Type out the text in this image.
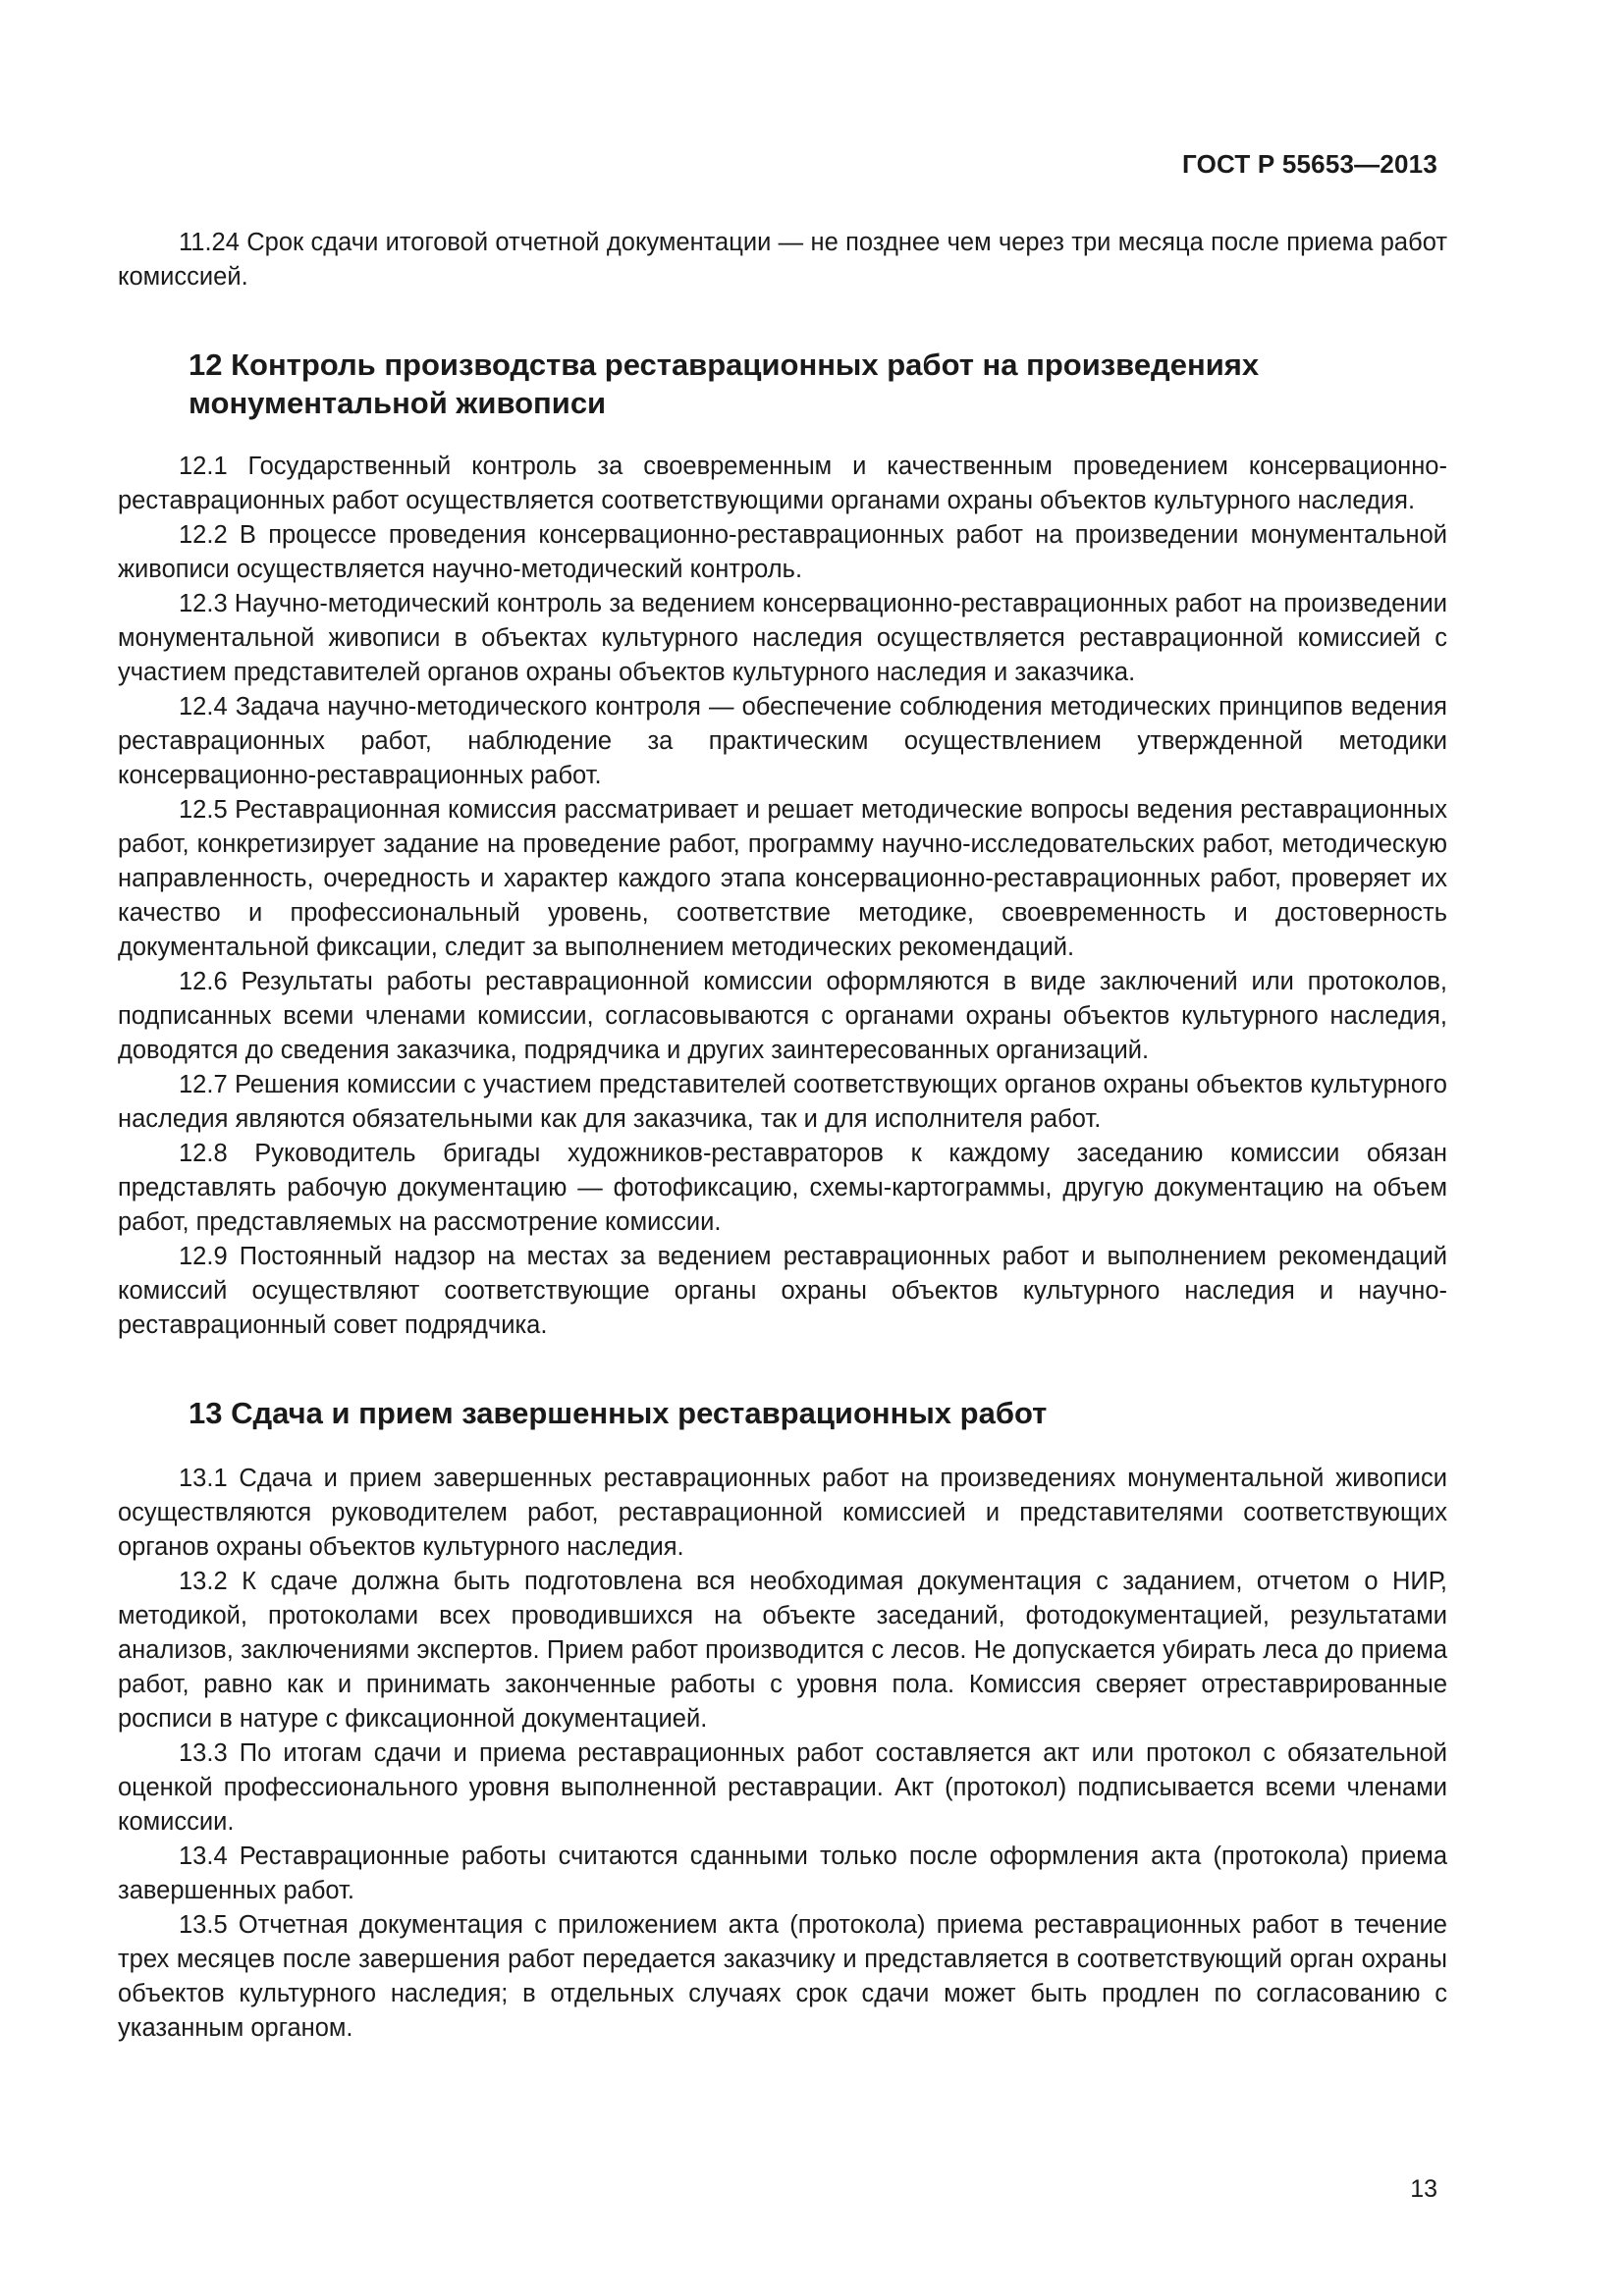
ГОСТ Р 55653—2013

11.24 Срок сдачи итоговой отчетной документации — не позднее чем через три месяца после приема работ комиссией.

12 Контроль производства реставрационных работ на произведениях монументальной живописи

12.1 Государственный контроль за своевременным и качественным проведением консервационно-реставрационных работ осуществляется соответствующими органами охраны объектов культурного наследия.

12.2 В процессе проведения консервационно-реставрационных работ на произведении монументальной живописи осуществляется научно-методический контроль.

12.3 Научно-методический контроль за ведением консервационно-реставрационных работ на произведении монументальной живописи в объектах культурного наследия осуществляется реставрационной комиссией с участием представителей органов охраны объектов культурного наследия и заказчика.

12.4 Задача научно-методического контроля — обеспечение соблюдения методических принципов ведения реставрационных работ, наблюдение за практическим осуществлением утвержденной методики консервационно-реставрационных работ.

12.5 Реставрационная комиссия рассматривает и решает методические вопросы ведения реставрационных работ, конкретизирует задание на проведение работ, программу научно-исследовательских работ, методическую направленность, очередность и характер каждого этапа консервационно-реставрационных работ, проверяет их качество и профессиональный уровень, соответствие методике, своевременность и достоверность документальной фиксации, следит за выполнением методических рекомендаций.

12.6 Результаты работы реставрационной комиссии оформляются в виде заключений или протоколов, подписанных всеми членами комиссии, согласовываются с органами охраны объектов культурного наследия, доводятся до сведения заказчика, подрядчика и других заинтересованных организаций.

12.7 Решения комиссии с участием представителей соответствующих органов охраны объектов культурного наследия являются обязательными как для заказчика, так и для исполнителя работ.

12.8 Руководитель бригады художников-реставраторов к каждому заседанию комиссии обязан представлять рабочую документацию — фотофиксацию, схемы-картограммы, другую документацию на объем работ, представляемых на рассмотрение комиссии.

12.9 Постоянный надзор на местах за ведением реставрационных работ и выполнением рекомендаций комиссий осуществляют соответствующие органы охраны объектов культурного наследия и научно-реставрационный совет подрядчика.

13 Сдача и прием завершенных реставрационных работ

13.1 Сдача и прием завершенных реставрационных работ на произведениях монументальной живописи осуществляются руководителем работ, реставрационной комиссией и представителями соответствующих органов охраны объектов культурного наследия.

13.2 К сдаче должна быть подготовлена вся необходимая документация с заданием, отчетом о НИР, методикой, протоколами всех проводившихся на объекте заседаний, фотодокументацией, результатами анализов, заключениями экспертов. Прием работ производится с лесов. Не допускается убирать леса до приема работ, равно как и принимать законченные работы с уровня пола. Комиссия сверяет отреставрированные росписи в натуре с фиксационной документацией.

13.3 По итогам сдачи и приема реставрационных работ составляется акт или протокол с обязательной оценкой профессионального уровня выполненной реставрации. Акт (протокол) подписывается всеми членами комиссии.

13.4 Реставрационные работы считаются сданными только после оформления акта (протокола) приема завершенных работ.

13.5 Отчетная документация с приложением акта (протокола) приема реставрационных работ в течение трех месяцев после завершения работ передается заказчику и представляется в соответствующий орган охраны объектов культурного наследия; в отдельных случаях срок сдачи может быть продлен по согласованию с указанным органом.

13
